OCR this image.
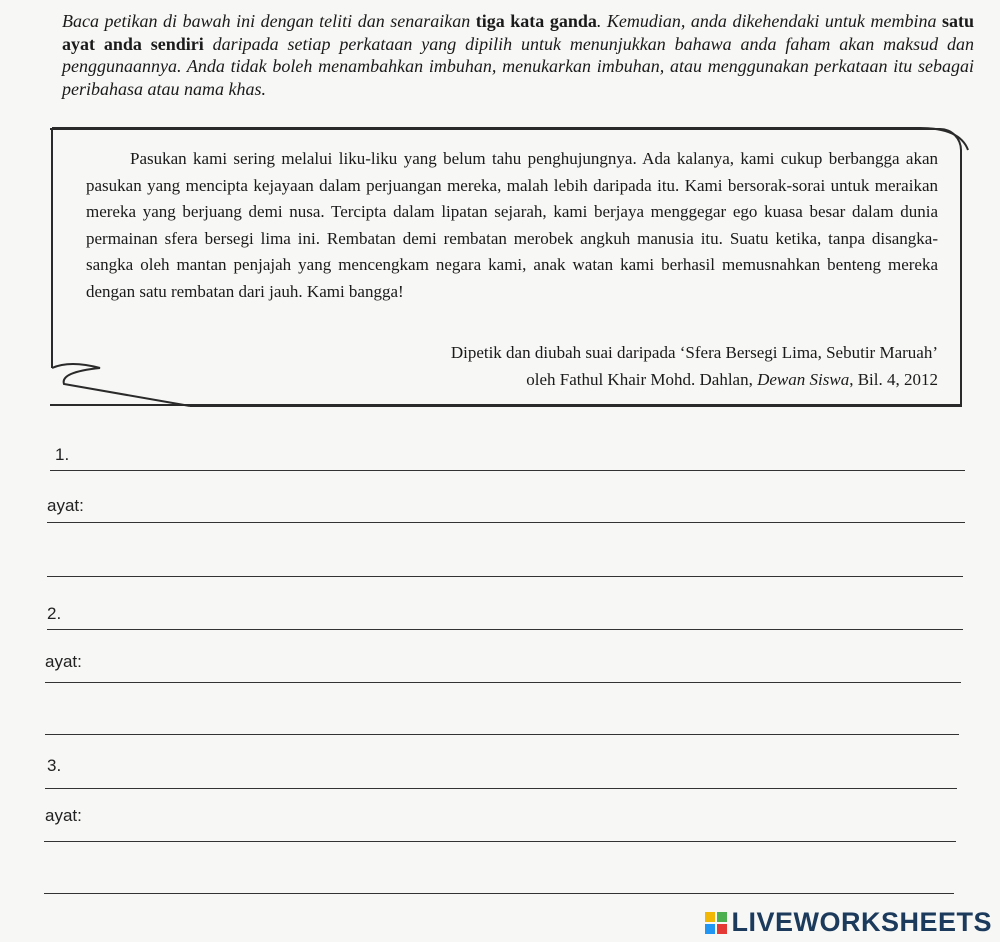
Baca petikan di bawah ini dengan teliti dan senaraikan tiga kata ganda. Kemudian, anda dikehendaki untuk membina satu ayat anda sendiri daripada setiap perkataan yang dipilih untuk menunjukkan bahawa anda faham akan maksud dan penggunaannya. Anda tidak boleh menambahkan imbuhan, menukarkan imbuhan, atau menggunakan perkataan itu sebagai peribahasa atau nama khas.

Pasukan kami sering melalui liku-liku yang belum tahu penghujungnya. Ada kalanya, kami cukup berbangga akan pasukan yang mencipta kejayaan dalam perjuangan mereka, malah lebih daripada itu. Kami bersorak-sorai untuk meraikan mereka yang berjuang demi nusa. Tercipta dalam lipatan sejarah, kami berjaya menggegar ego kuasa besar dalam dunia permainan sfera bersegi lima ini. Rembatan demi rembatan merobek angkuh manusia itu. Suatu ketika, tanpa disangka-sangka oleh mantan penjajah yang mencengkam negara kami, anak watan kami berhasil memusnahkan benteng mereka dengan satu rembatan dari jauh. Kami bangga!

Dipetik dan diubah suai daripada ‘Sfera Bersegi Lima, Sebutir Maruah’

oleh Fathul Khair Mohd. Dahlan, Dewan Siswa, Bil. 4, 2012

1.
ayat:
2.
ayat:
3.
ayat:
LIVEWORKSHEETS
